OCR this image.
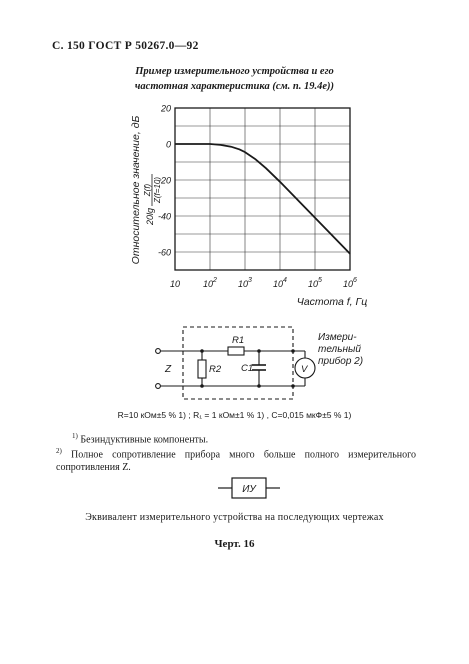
С. 150 ГОСТ Р 50267.0—92
Пример измерительного устройства и его
частотная характеристика (см. п. 19.4е))
20
0
-20
-40
-60
10	$10^2$ $10^3$ $10^4$ $10^5$ $10^6$
Относительное значение, дБ 20lg
Z(f) Z(f=10)
Частота f, Гц
Z
R1
R2 C1	V
Измери-
тельный
прибор 2)
R=10 кОм±5 % 1) ; R₁ = 1 кОм±1 % 1) , C=0,015 мкФ±5 % 1)
$^{1)}$ Безиндуктивные компоненты.
$^{2)}$ Полное сопротивление прибора много больше полного измерительного сопротивления Z.
ИУ
Эквивалент измерительного устройства на последующих чертежах
Черт. 16
